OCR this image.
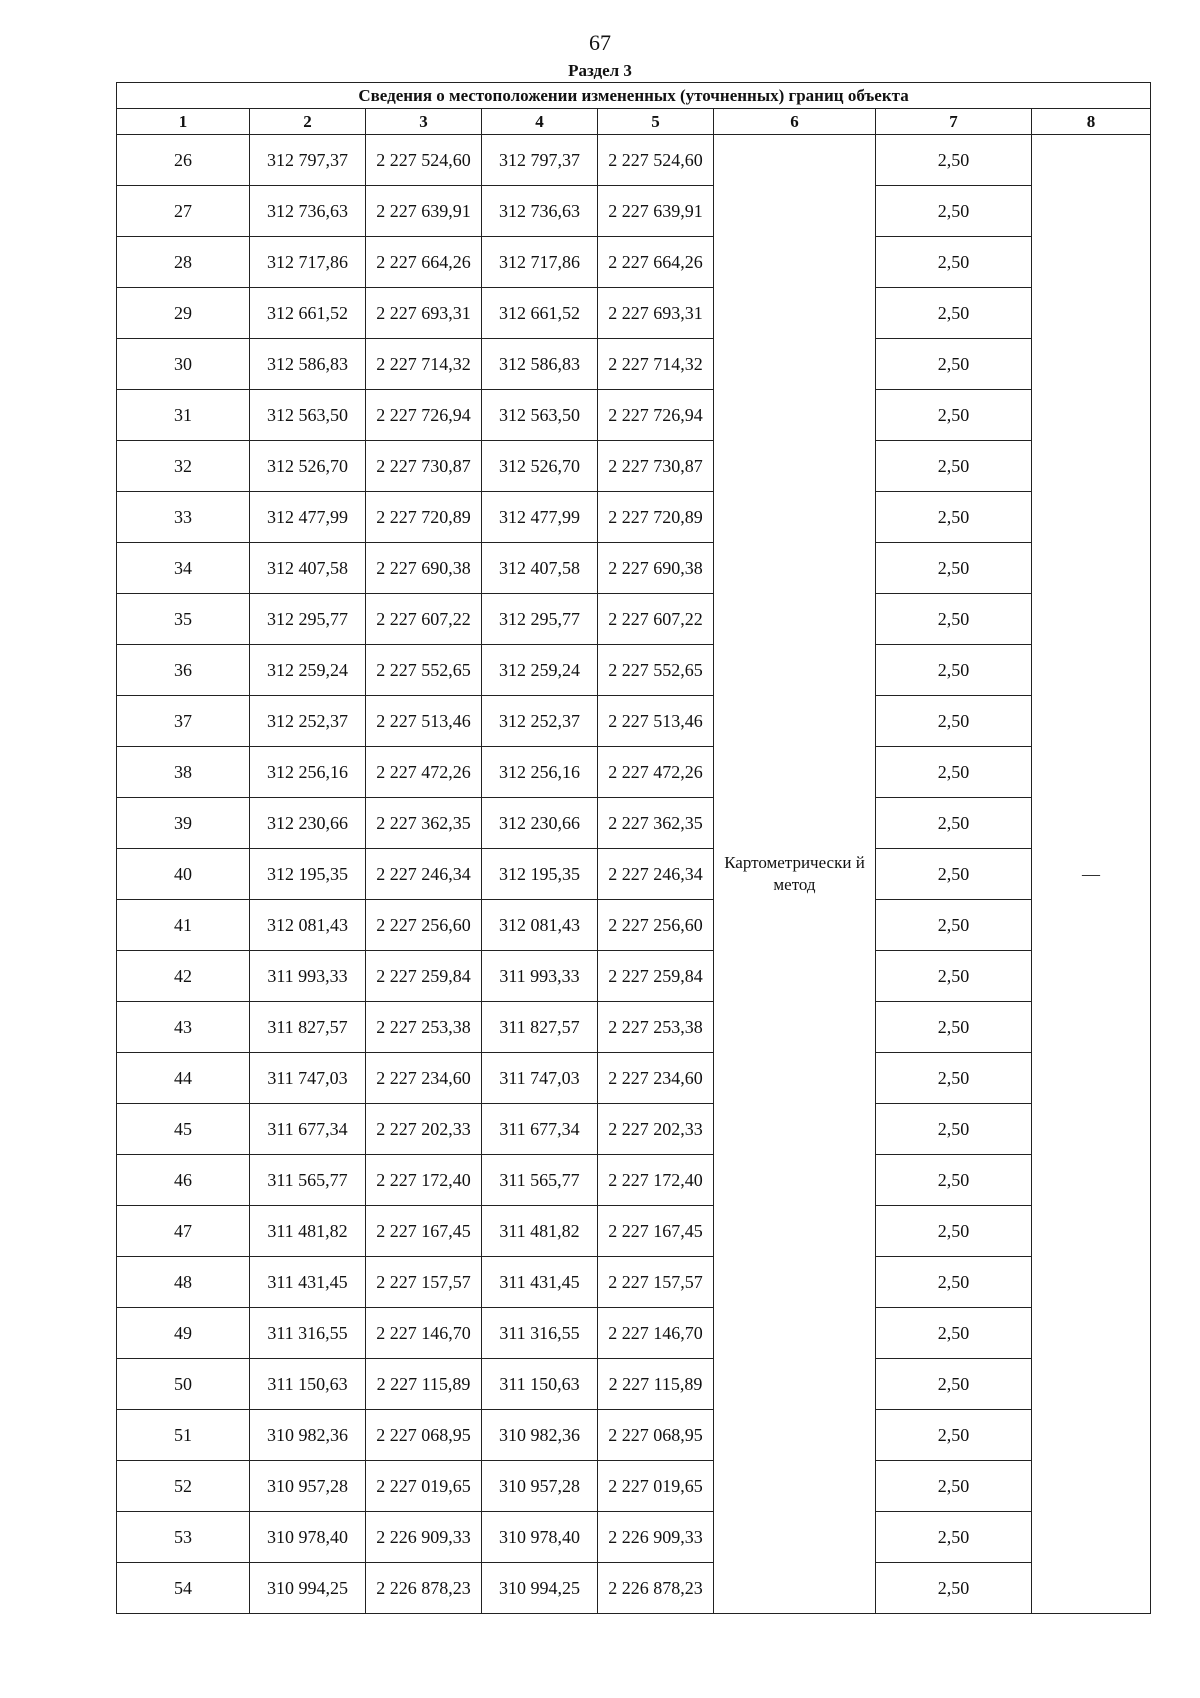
67
Раздел 3
Сведения о местоположении измененных (уточненных) границ объекта							
1	2	3	4	5	6	7	8
26	312 797,37	2 227 524,60	312 797,37	2 227 524,60	Картометрически й метод	2,50	—
27	312 736,63	2 227 639,91	312 736,63	2 227 639,91		2,50	
28	312 717,86	2 227 664,26	312 717,86	2 227 664,26		2,50	
29	312 661,52	2 227 693,31	312 661,52	2 227 693,31		2,50	
30	312 586,83	2 227 714,32	312 586,83	2 227 714,32		2,50	
31	312 563,50	2 227 726,94	312 563,50	2 227 726,94		2,50	
32	312 526,70	2 227 730,87	312 526,70	2 227 730,87		2,50	
33	312 477,99	2 227 720,89	312 477,99	2 227 720,89		2,50	
34	312 407,58	2 227 690,38	312 407,58	2 227 690,38		2,50	
35	312 295,77	2 227 607,22	312 295,77	2 227 607,22		2,50	
36	312 259,24	2 227 552,65	312 259,24	2 227 552,65		2,50	
37	312 252,37	2 227 513,46	312 252,37	2 227 513,46		2,50	
38	312 256,16	2 227 472,26	312 256,16	2 227 472,26		2,50	
39	312 230,66	2 227 362,35	312 230,66	2 227 362,35		2,50	
40	312 195,35	2 227 246,34	312 195,35	2 227 246,34		2,50	
41	312 081,43	2 227 256,60	312 081,43	2 227 256,60		2,50	
42	311 993,33	2 227 259,84	311 993,33	2 227 259,84		2,50	
43	311 827,57	2 227 253,38	311 827,57	2 227 253,38		2,50	
44	311 747,03	2 227 234,60	311 747,03	2 227 234,60		2,50	
45	311 677,34	2 227 202,33	311 677,34	2 227 202,33		2,50	
46	311 565,77	2 227 172,40	311 565,77	2 227 172,40		2,50	
47	311 481,82	2 227 167,45	311 481,82	2 227 167,45		2,50	
48	311 431,45	2 227 157,57	311 431,45	2 227 157,57		2,50	
49	311 316,55	2 227 146,70	311 316,55	2 227 146,70		2,50	
50	311 150,63	2 227 115,89	311 150,63	2 227 115,89		2,50	
51	310 982,36	2 227 068,95	310 982,36	2 227 068,95		2,50	
52	310 957,28	2 227 019,65	310 957,28	2 227 019,65		2,50	
53	310 978,40	2 226 909,33	310 978,40	2 226 909,33		2,50	
54	310 994,25	2 226 878,23	310 994,25	2 226 878,23		2,50	
